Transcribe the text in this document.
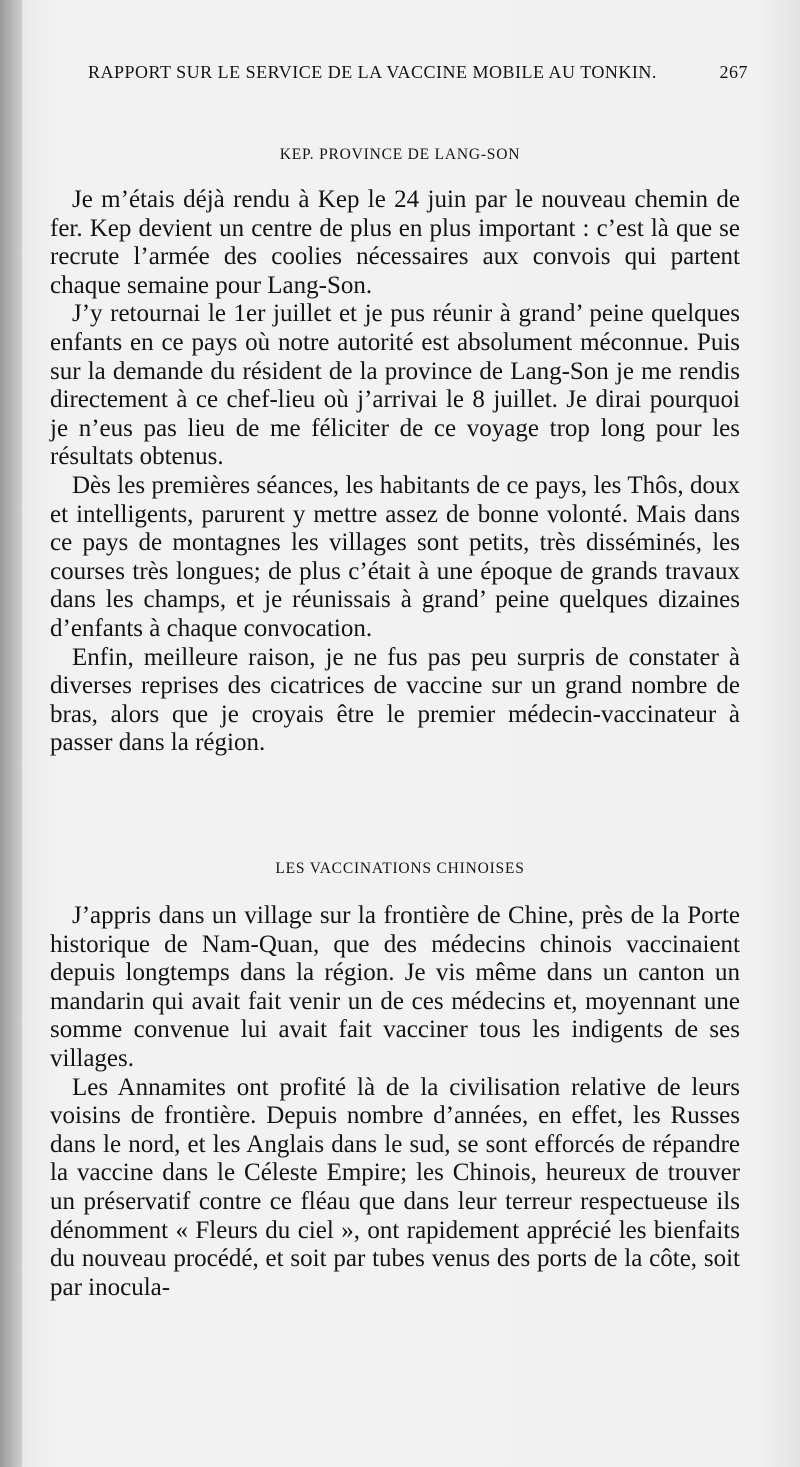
RAPPORT SUR LE SERVICE DE LA VACCINE MOBILE AU TONKIN.	267
KEP. PROVINCE DE LANG-SON

Je m’étais déjà rendu à Kep le 24 juin par le nouveau chemin de fer. Kep devient un centre de plus en plus important : c’est là que se recrute l’armée des coolies nécessaires aux convois qui partent chaque semaine pour Lang-Son.

J’y retournai le 1er juillet et je pus réunir à grand’ peine quelques enfants en ce pays où notre autorité est absolument méconnue. Puis sur la demande du résident de la province de Lang-Son je me rendis directement à ce chef-lieu où j’arrivai le 8 juillet. Je dirai pourquoi je n’eus pas lieu de me féliciter de ce voyage trop long pour les résultats obtenus.

Dès les premières séances, les habitants de ce pays, les Thôs, doux et intelligents, parurent y mettre assez de bonne volonté. Mais dans ce pays de montagnes les villages sont petits, très disséminés, les courses très longues; de plus c’était à une époque de grands travaux dans les champs, et je réunissais à grand’ peine quelques dizaines d’enfants à chaque convocation.

Enfin, meilleure raison, je ne fus pas peu surpris de constater à diverses reprises des cicatrices de vaccine sur un grand nombre de bras, alors que je croyais être le premier médecin-vaccinateur à passer dans la région.

LES VACCINATIONS CHINOISES

J’appris dans un village sur la frontière de Chine, près de la Porte historique de Nam-Quan, que des médecins chinois vaccinaient depuis longtemps dans la région. Je vis même dans un canton un mandarin qui avait fait venir un de ces médecins et, moyennant une somme convenue lui avait fait vacciner tous les indigents de ses villages.

Les Annamites ont profité là de la civilisation relative de leurs voisins de frontière. Depuis nombre d’années, en effet, les Russes dans le nord, et les Anglais dans le sud, se sont efforcés de répandre la vaccine dans le Céleste Empire; les Chinois, heureux de trouver un préservatif contre ce fléau que dans leur terreur respectueuse ils dénomment « Fleurs du ciel », ont rapidement apprécié les bienfaits du nouveau procédé, et soit par tubes venus des ports de la côte, soit par inocula-
